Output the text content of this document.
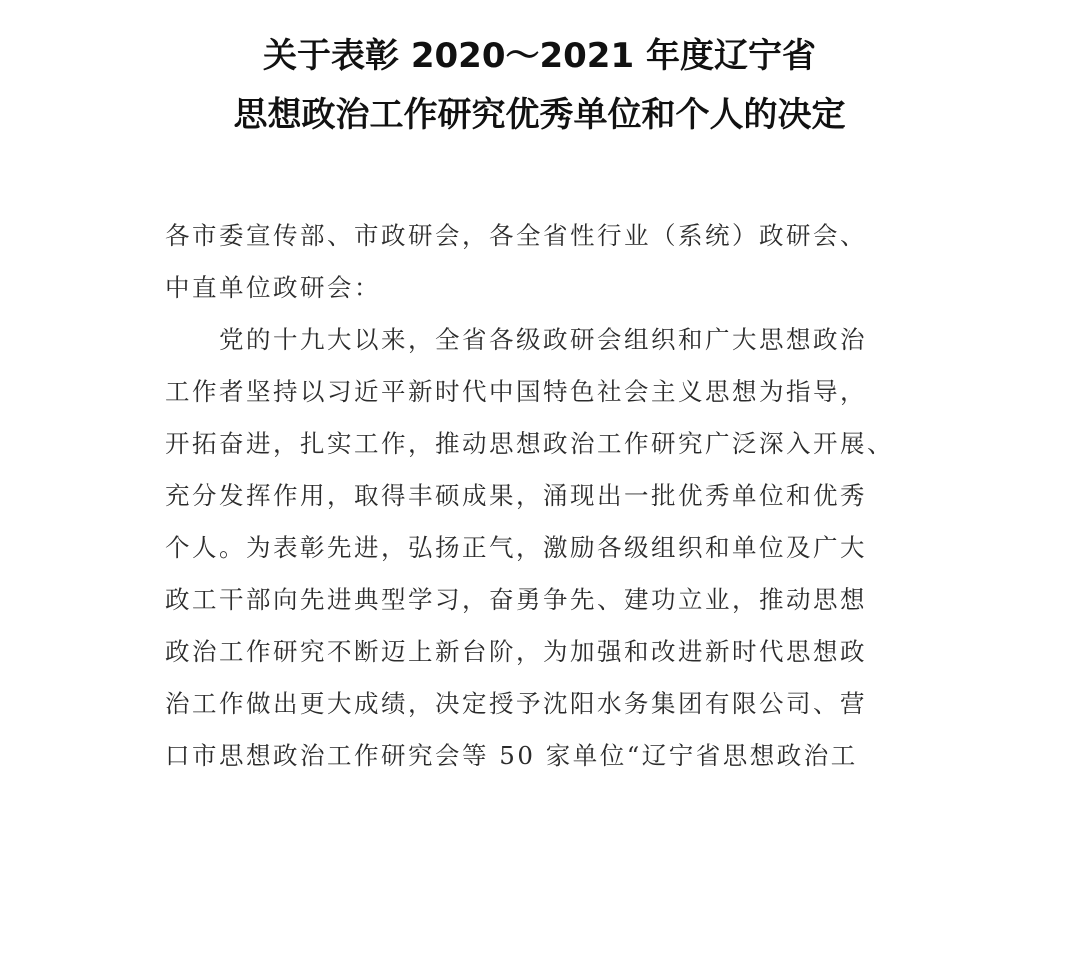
关于表彰 2020～2021 年度辽宁省
思想政治工作研究优秀单位和个人的决定
各市委宣传部、市政研会，各全省性行业（系统）政研会、
中直单位政研会：
　　党的十九大以来，全省各级政研会组织和广大思想政治
工作者坚持以习近平新时代中国特色社会主义思想为指导，
开拓奋进，扎实工作，推动思想政治工作研究广泛深入开展、
充分发挥作用，取得丰硕成果，涌现出一批优秀单位和优秀
个人。为表彰先进，弘扬正气，激励各级组织和单位及广大
政工干部向先进典型学习，奋勇争先、建功立业，推动思想
政治工作研究不断迈上新台阶，为加强和改进新时代思想政
治工作做出更大成绩，决定授予沈阳水务集团有限公司、营
口市思想政治工作研究会等 50 家单位“辽宁省思想政治工
